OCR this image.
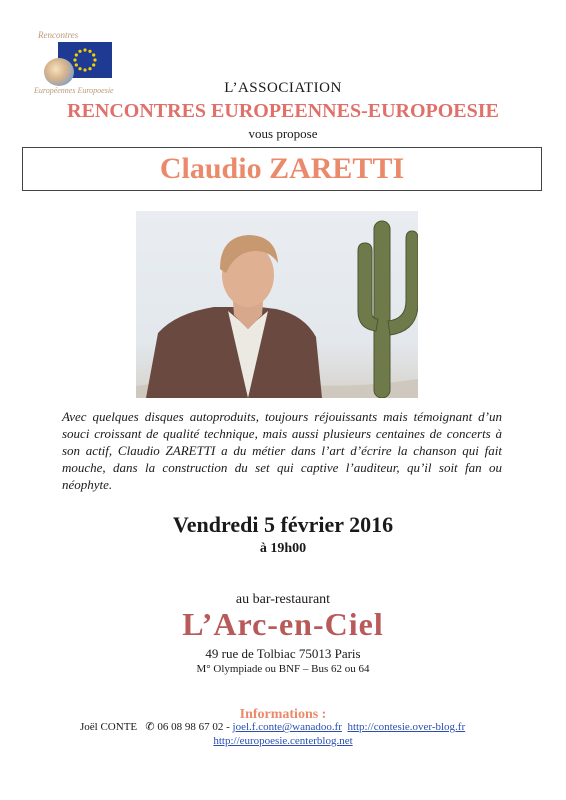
Rencontres
Européennes Europoesie	L’ASSOCIATION
RENCONTRES EUROPEENNES-EUROPOESIE
vous propose
Claudio ZARETTI
Avec quelques disques autoproduits, toujours réjouissants mais témoignant d’un souci croissant de qualité technique, mais aussi plusieurs centaines de concerts à son actif, Claudio ZARETTI a du métier dans l’art d’écrire la chanson qui fait mouche, dans la construction du set qui captive l’auditeur, qu’il soit fan ou néophyte.
Vendredi 5 février 2016
à 19h00
au bar-restaurant
L’Arc-en-Ciel
49 rue de Tolbiac 75013 Paris
M° Olympiade ou BNF – Bus 62 ou 64
Informations :
Joël CONTE ✆ 06 08 98 67 02 - joel.f.conte@wanadoo.fr http://contesie.over-blog.fr
http://europoesie.centerblog.net
